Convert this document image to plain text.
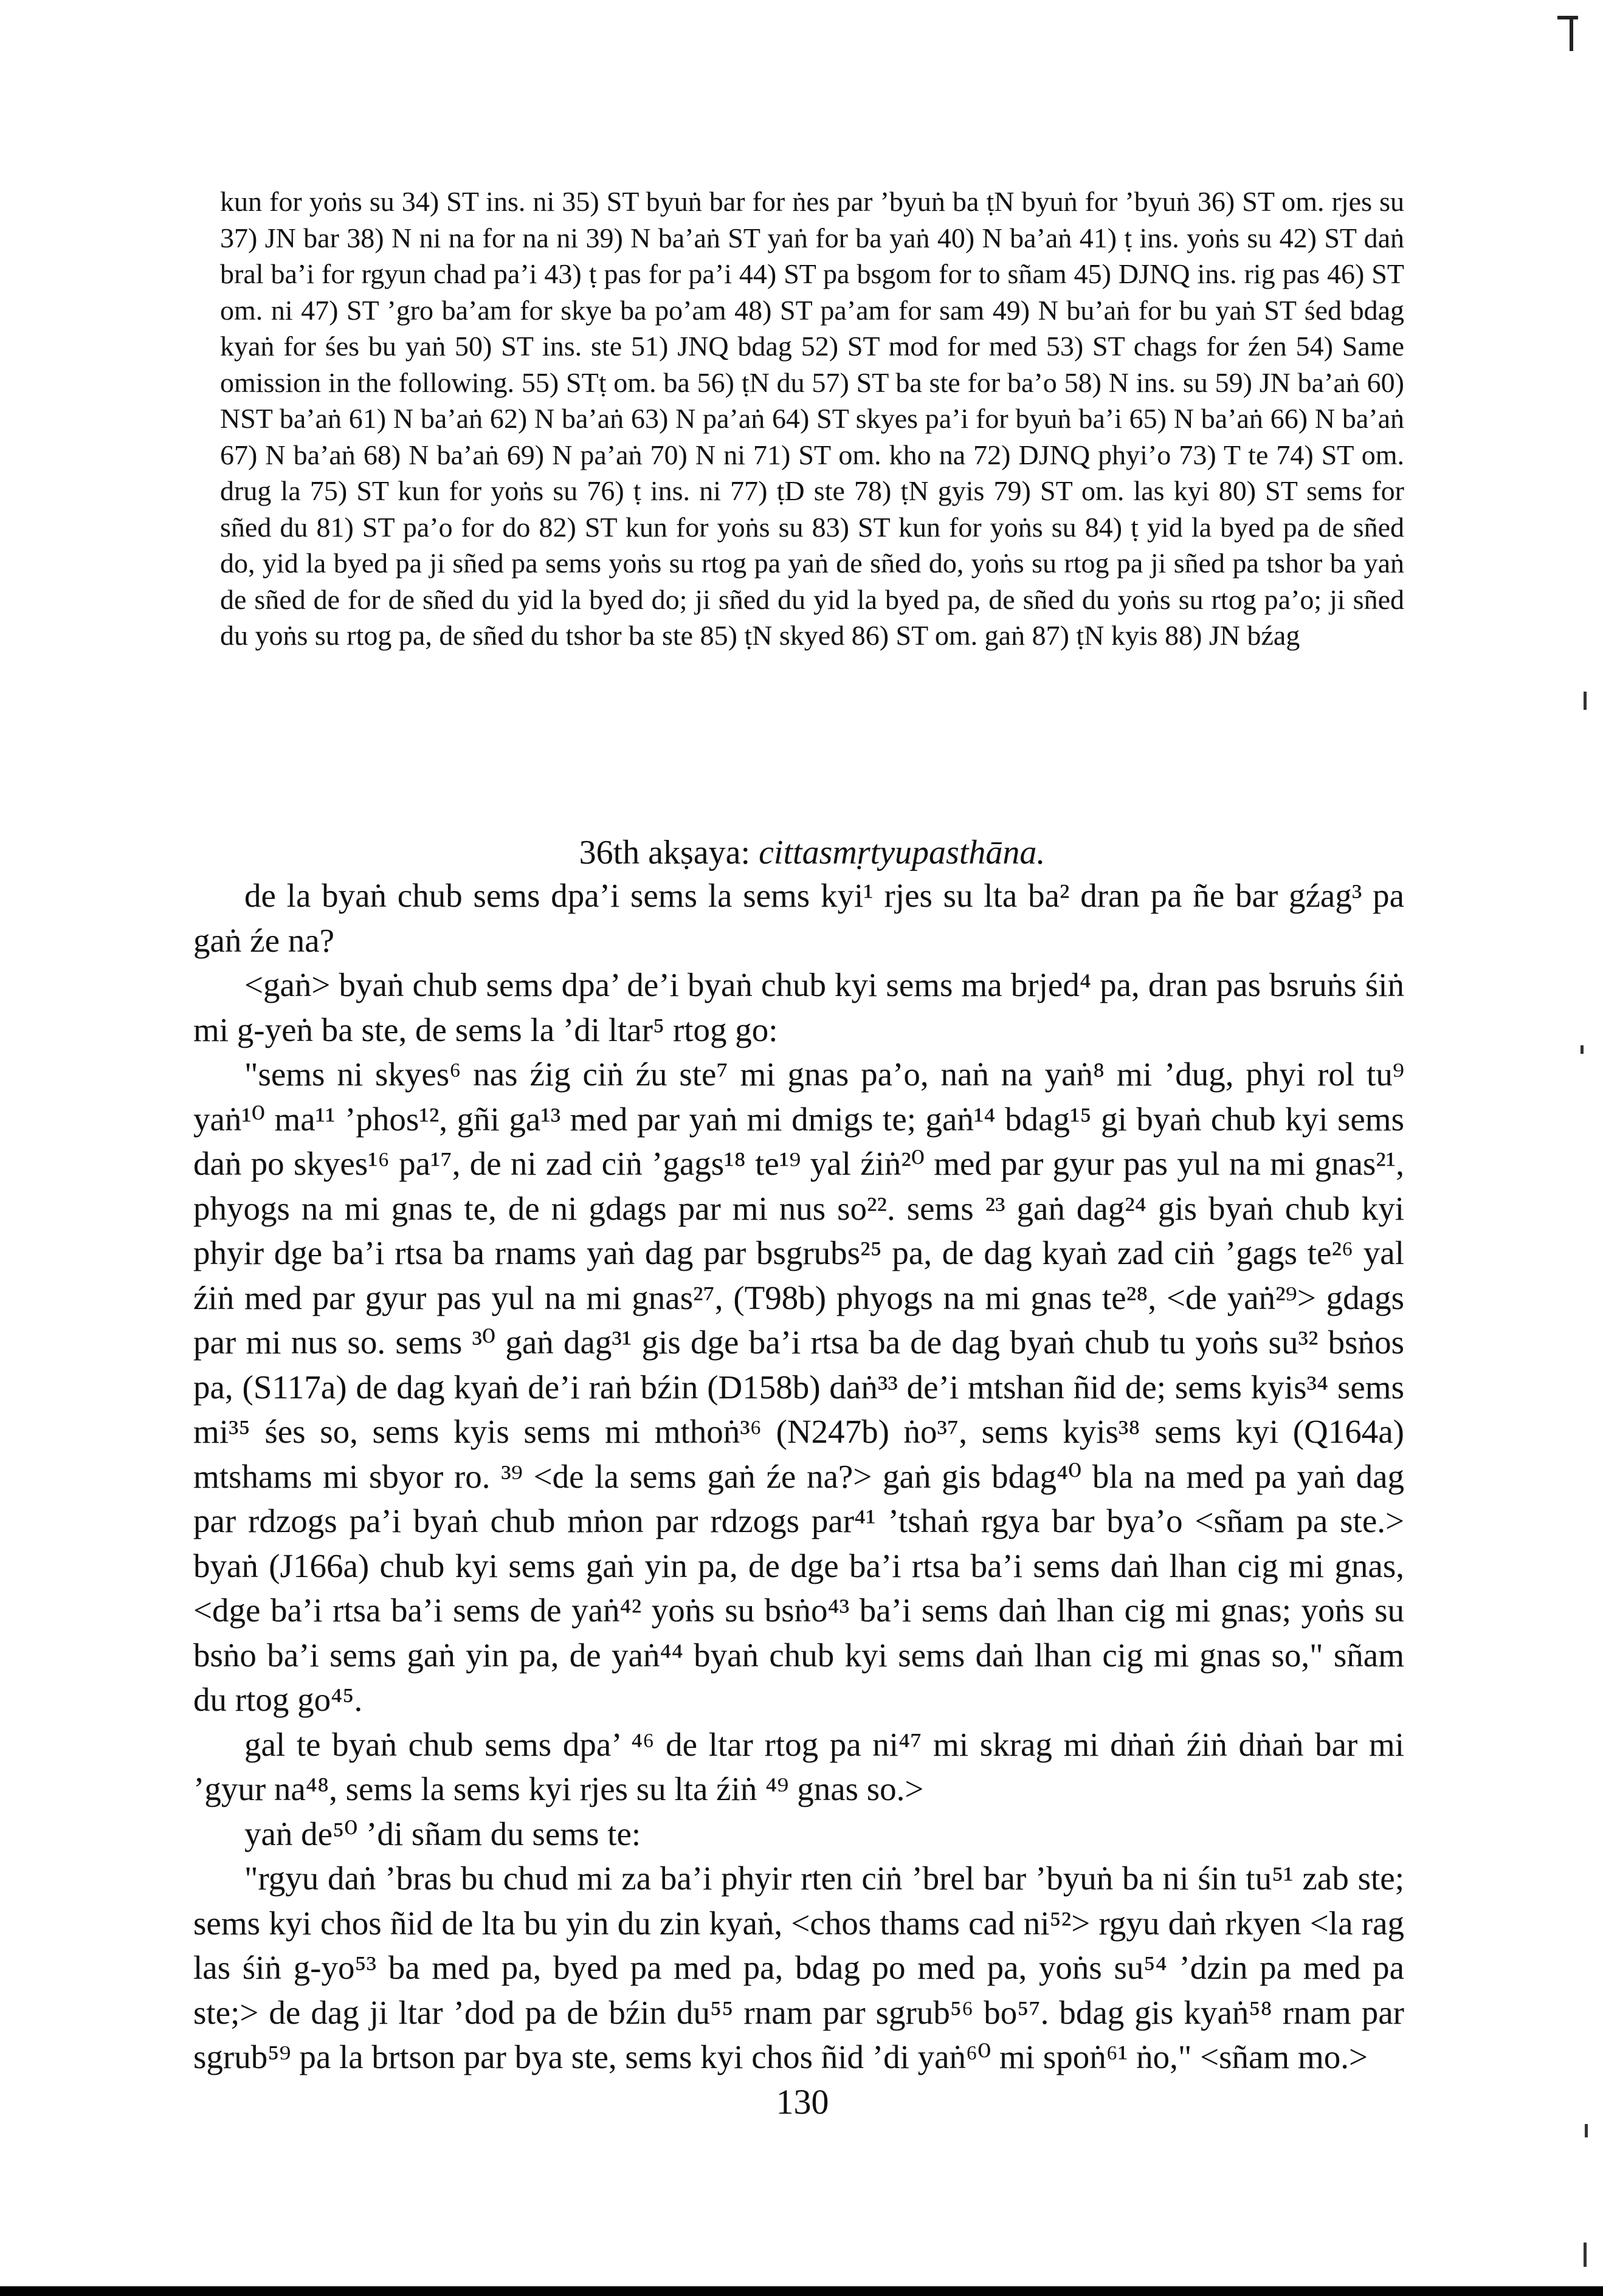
kun for yoṅs su 34) ST ins. ni 35) ST byuṅ bar for ṅes par ’byuṅ ba ṭN byuṅ for ’byuṅ 36) ST om. rjes su 37) JN bar 38) N ni na for na ni 39) N ba’aṅ ST yaṅ for ba yaṅ 40) N ba’aṅ 41) ṭ ins. yoṅs su 42) ST daṅ bral ba’i for rgyun chad pa’i 43) ṭ pas for pa’i 44) ST pa bsgom for to sñam 45) DJNQ ins. rig pas 46) ST om. ni 47) ST ’gro ba’am for skye ba po’am 48) ST pa’am for sam 49) N bu’aṅ for bu yaṅ ST śed bdag kyaṅ for śes bu yaṅ 50) ST ins. ste 51) JNQ bdag 52) ST mod for med 53) ST chags for źen 54) Same omission in the following. 55) STṭ om. ba 56) ṭN du 57) ST ba ste for ba’o 58) N ins. su 59) JN ba’aṅ 60) NST ba’aṅ 61) N ba’aṅ 62) N ba’aṅ 63) N pa’aṅ 64) ST skyes pa’i for byuṅ ba’i 65) N ba’aṅ 66) N ba’aṅ 67) N ba’aṅ 68) N ba’aṅ 69) N pa’aṅ 70) N ni 71) ST om. kho na 72) DJNQ phyi’o 73) T te 74) ST om. drug la 75) ST kun for yoṅs su 76) ṭ ins. ni 77) ṭD ste 78) ṭN gyis 79) ST om. las kyi 80) ST sems for sñed du 81) ST pa’o for do 82) ST kun for yoṅs su 83) ST kun for yoṅs su 84) ṭ yid la byed pa de sñed do, yid la byed pa ji sñed pa sems yoṅs su rtog pa yaṅ de sñed do, yoṅs su rtog pa ji sñed pa tshor ba yaṅ de sñed de for de sñed du yid la byed do; ji sñed du yid la byed pa, de sñed du yoṅs su rtog pa’o; ji sñed du yoṅs su rtog pa, de sñed du tshor ba ste 85) ṭN skyed 86) ST om. gaṅ 87) ṭN kyis 88) JN bźag

36th akṣaya: cittasmṛtyupasthāna.

de la byaṅ chub sems dpa’i sems la sems kyi¹ rjes su lta ba² dran pa ñe bar gźag³ pa gaṅ źe na?

<gaṅ> byaṅ chub sems dpa’ de’i byaṅ chub kyi sems ma brjed⁴ pa, dran pas bsruṅs śiṅ mi g-yeṅ ba ste, de sems la ’di ltar⁵ rtog go:

"sems ni skyes⁶ nas źig ciṅ źu ste⁷ mi gnas pa’o, naṅ na yaṅ⁸ mi ’dug, phyi rol tu⁹ yaṅ¹⁰ ma¹¹ ’phos¹², gñi ga¹³ med par yaṅ mi dmigs te; gaṅ¹⁴ bdag¹⁵ gi byaṅ chub kyi sems daṅ po skyes¹⁶ pa¹⁷, de ni zad ciṅ ’gags¹⁸ te¹⁹ yal źiṅ²⁰ med par gyur pas yul na mi gnas²¹, phyogs na mi gnas te, de ni gdags par mi nus so²². sems ²³ gaṅ dag²⁴ gis byaṅ chub kyi phyir dge ba’i rtsa ba rnams yaṅ dag par bsgrubs²⁵ pa, de dag kyaṅ zad ciṅ ’gags te²⁶ yal źiṅ med par gyur pas yul na mi gnas²⁷, (T98b) phyogs na mi gnas te²⁸, <de yaṅ²⁹> gdags par mi nus so. sems ³⁰ gaṅ dag³¹ gis dge ba’i rtsa ba de dag byaṅ chub tu yoṅs su³² bsṅos pa, (S117a) de dag kyaṅ de’i raṅ bźin (D158b) daṅ³³ de’i mtshan ñid de; sems kyis³⁴ sems mi³⁵ śes so, sems kyis sems mi mthoṅ³⁶ (N247b) ṅo³⁷, sems kyis³⁸ sems kyi (Q164a) mtshams mi sbyor ro. ³⁹ <de la sems gaṅ źe na?> gaṅ gis bdag⁴⁰ bla na med pa yaṅ dag par rdzogs pa’i byaṅ chub mṅon par rdzogs par⁴¹ ’tshaṅ rgya bar bya’o <sñam pa ste.> byaṅ (J166a) chub kyi sems gaṅ yin pa, de dge ba’i rtsa ba’i sems daṅ lhan cig mi gnas, <dge ba’i rtsa ba’i sems de yaṅ⁴² yoṅs su bsṅo⁴³ ba’i sems daṅ lhan cig mi gnas; yoṅs su bsṅo ba’i sems gaṅ yin pa, de yaṅ⁴⁴ byaṅ chub kyi sems daṅ lhan cig mi gnas so," sñam du rtog go⁴⁵.

gal te byaṅ chub sems dpa’ ⁴⁶ de ltar rtog pa ni⁴⁷ mi skrag mi dṅaṅ źiṅ dṅaṅ bar mi ’gyur na⁴⁸, sems la sems kyi rjes su lta źiṅ ⁴⁹ gnas so.>

yaṅ de⁵⁰ ’di sñam du sems te:

"rgyu daṅ ’bras bu chud mi za ba’i phyir rten ciṅ ’brel bar ’byuṅ ba ni śin tu⁵¹ zab ste; sems kyi chos ñid de lta bu yin du zin kyaṅ, <chos thams cad ni⁵²> rgyu daṅ rkyen <la rag las śiṅ g-yo⁵³ ba med pa, byed pa med pa, bdag po med pa, yoṅs su⁵⁴ ’dzin pa med pa ste;> de dag ji ltar ’dod pa de bźin du⁵⁵ rnam par sgrub⁵⁶ bo⁵⁷. bdag gis kyaṅ⁵⁸ rnam par sgrub⁵⁹ pa la brtson par bya ste, sems kyi chos ñid ’di yaṅ⁶⁰ mi spoṅ⁶¹ ṅo," <sñam mo.>

130
